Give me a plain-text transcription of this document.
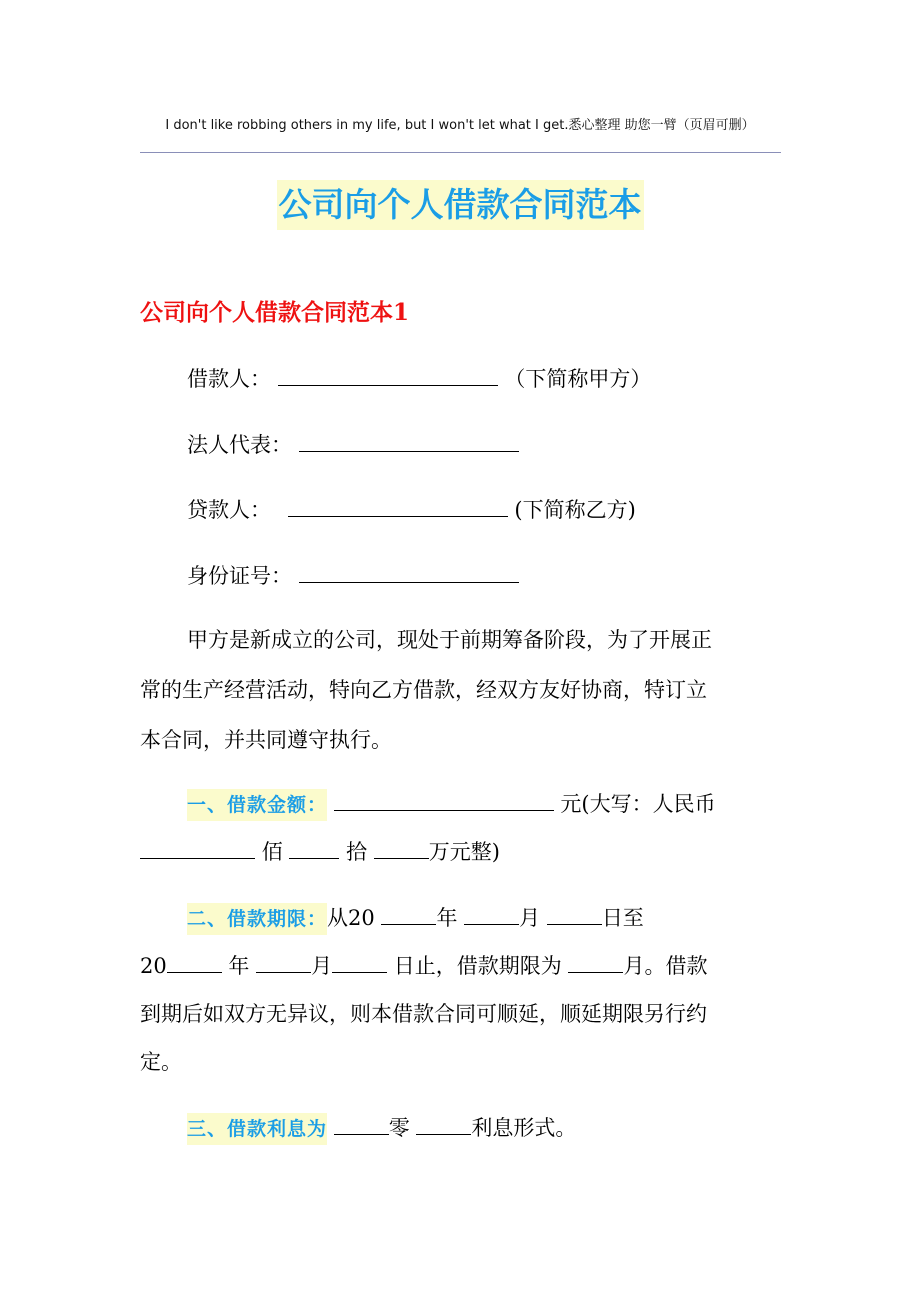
I don't like robbing others in my life, but I won't let what I get.悉心整理 助您一臂（页眉可删）
公司向个人借款合同范本
公司向个人借款合同范本1
借款人：	（下简称甲方）
法人代表：
贷款人：	(下简称乙方)
身份证号：
甲方是新成立的公司，现处于前期筹备阶段，为了开展正
常的生产经营活动，特向乙方借款，经双方友好协商，特订立
本合同，并共同遵守执行。
一、借款金额：	元(大写：人民币
佰	拾	万元整)
二、借款期限：从20	年	月	日至
20	年	月	日止，借款期限为	月。借款
到期后如双方无异议，则本借款合同可顺延，顺延期限另行约
定。
三、借款利息为	零	利息形式。
